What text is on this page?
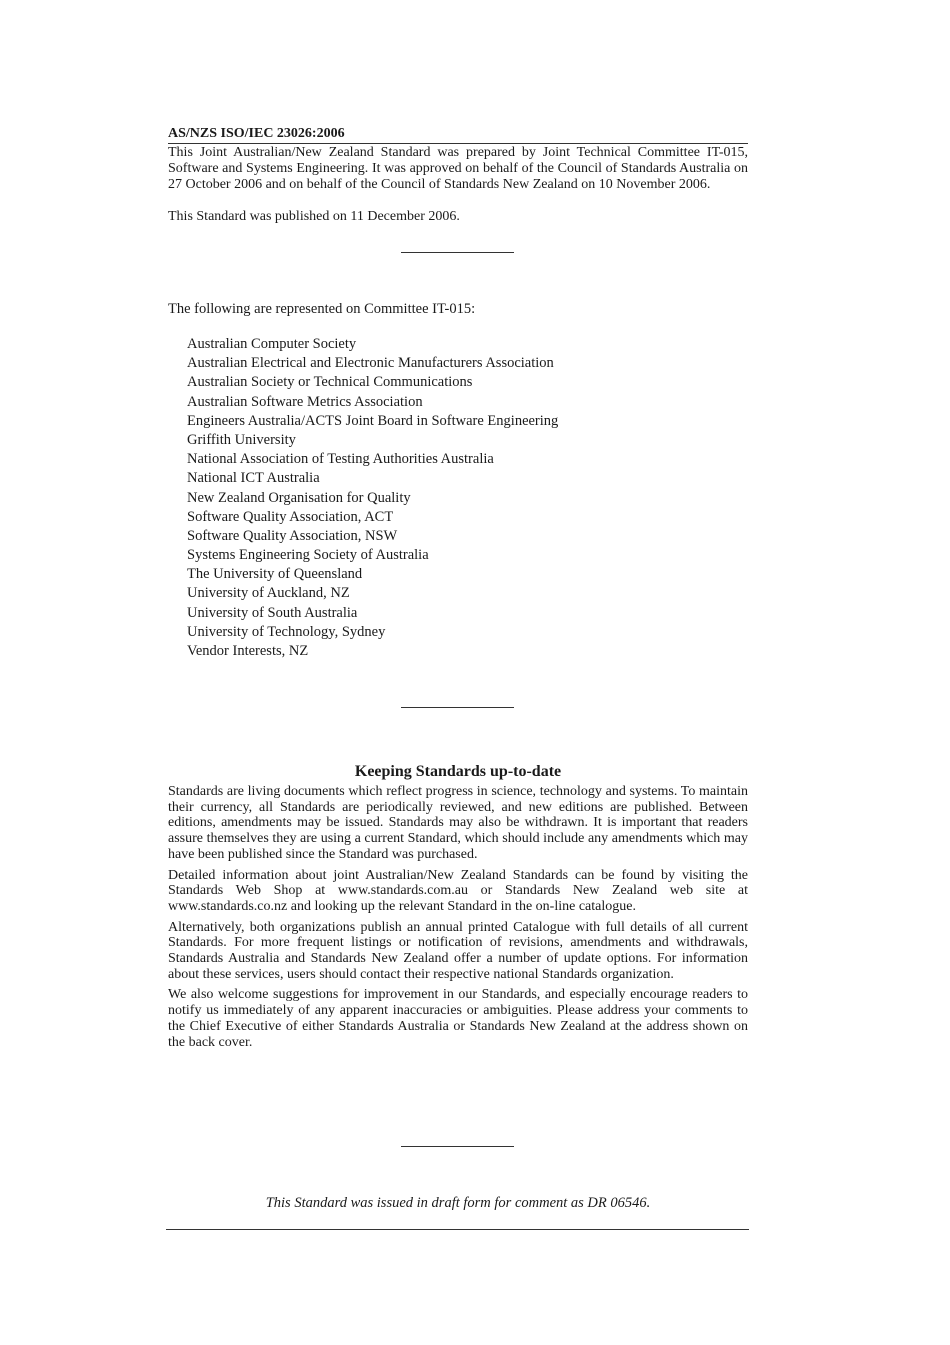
AS/NZS ISO/IEC 23026:2006

This Joint Australian/New Zealand Standard was prepared by Joint Technical Committee IT-015, Software and Systems Engineering. It was approved on behalf of the Council of Standards Australia on 27 October 2006 and on behalf of the Council of Standards New Zealand on 10 November 2006.

This Standard was published on 11 December 2006.
The following are represented on Committee IT-015:
Australian Computer Society
Australian Electrical and Electronic Manufacturers Association
Australian Society or Technical Communications
Australian Software Metrics Association
Engineers Australia/ACTS Joint Board in Software Engineering
Griffith University
National Association of Testing Authorities Australia
National ICT Australia
New Zealand Organisation for Quality
Software Quality Association, ACT
Software Quality Association, NSW
Systems Engineering Society of Australia
The University of Queensland
University of Auckland, NZ
University of South Australia
University of Technology, Sydney
Vendor Interests, NZ
Keeping Standards up-to-date

Standards are living documents which reflect progress in science, technology and systems. To maintain their currency, all Standards are periodically reviewed, and new editions are published. Between editions, amendments may be issued. Standards may also be withdrawn. It is important that readers assure themselves they are using a current Standard, which should include any amendments which may have been published since the Standard was purchased.

Detailed information about joint Australian/New Zealand Standards can be found by visiting the Standards Web Shop at www.standards.com.au or Standards New Zealand web site at www.standards.co.nz and looking up the relevant Standard in the on-line catalogue.

Alternatively, both organizations publish an annual printed Catalogue with full details of all current Standards. For more frequent listings or notification of revisions, amendments and withdrawals, Standards Australia and Standards New Zealand offer a number of update options. For information about these services, users should contact their respective national Standards organization.

We also welcome suggestions for improvement in our Standards, and especially encourage readers to notify us immediately of any apparent inaccuracies or ambiguities. Please address your comments to the Chief Executive of either Standards Australia or Standards New Zealand at the address shown on the back cover.

This Standard was issued in draft form for comment as DR 06546.
